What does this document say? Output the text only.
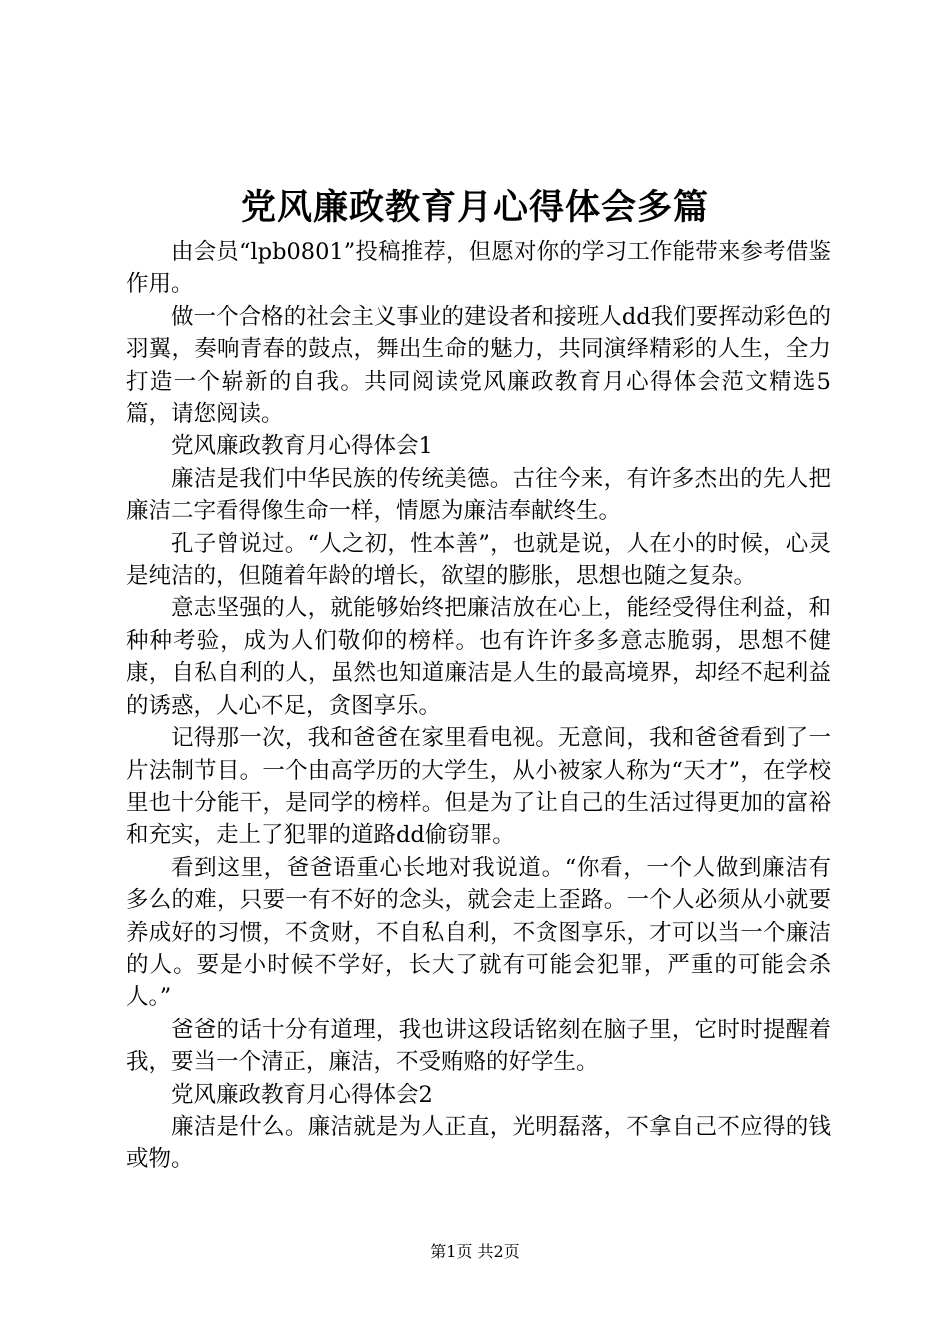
党风廉政教育月心得体会多篇

由会员“lpb0801”投稿推荐，但愿对你的学习工作能带来参考借鉴作用。

做一个合格的社会主义事业的建设者和接班人dd我们要挥动彩色的羽翼，奏响青春的鼓点，舞出生命的魅力，共同演绎精彩的人生，全力打造一个崭新的自我。共同阅读党风廉政教育月心得体会范文精选5篇，请您阅读。

党风廉政教育月心得体会1

廉洁是我们中华民族的传统美德。古往今来，有许多杰出的先人把廉洁二字看得像生命一样，情愿为廉洁奉献终生。

孔子曾说过。“人之初，性本善”，也就是说，人在小的时候，心灵是纯洁的，但随着年龄的增长，欲望的膨胀，思想也随之复杂。

意志坚强的人，就能够始终把廉洁放在心上，能经受得住利益，和种种考验，成为人们敬仰的榜样。也有许许多多意志脆弱，思想不健康，自私自利的人，虽然也知道廉洁是人生的最高境界，却经不起利益的诱惑，人心不足，贪图享乐。

记得那一次，我和爸爸在家里看电视。无意间，我和爸爸看到了一片法制节目。一个由高学历的大学生，从小被家人称为“天才”，在学校里也十分能干，是同学的榜样。但是为了让自己的生活过得更加的富裕和充实，走上了犯罪的道路dd偷窃罪。

看到这里，爸爸语重心长地对我说道。“你看，一个人做到廉洁有多么的难，只要一有不好的念头，就会走上歪路。一个人必须从小就要养成好的习惯，不贪财，不自私自利，不贪图享乐，才可以当一个廉洁的人。要是小时候不学好，长大了就有可能会犯罪，严重的可能会杀人。”

爸爸的话十分有道理，我也讲这段话铭刻在脑子里，它时时提醒着我，要当一个清正，廉洁，不受贿赂的好学生。

党风廉政教育月心得体会2

廉洁是什么。廉洁就是为人正直，光明磊落，不拿自己不应得的钱或物。

第1页 共2页
